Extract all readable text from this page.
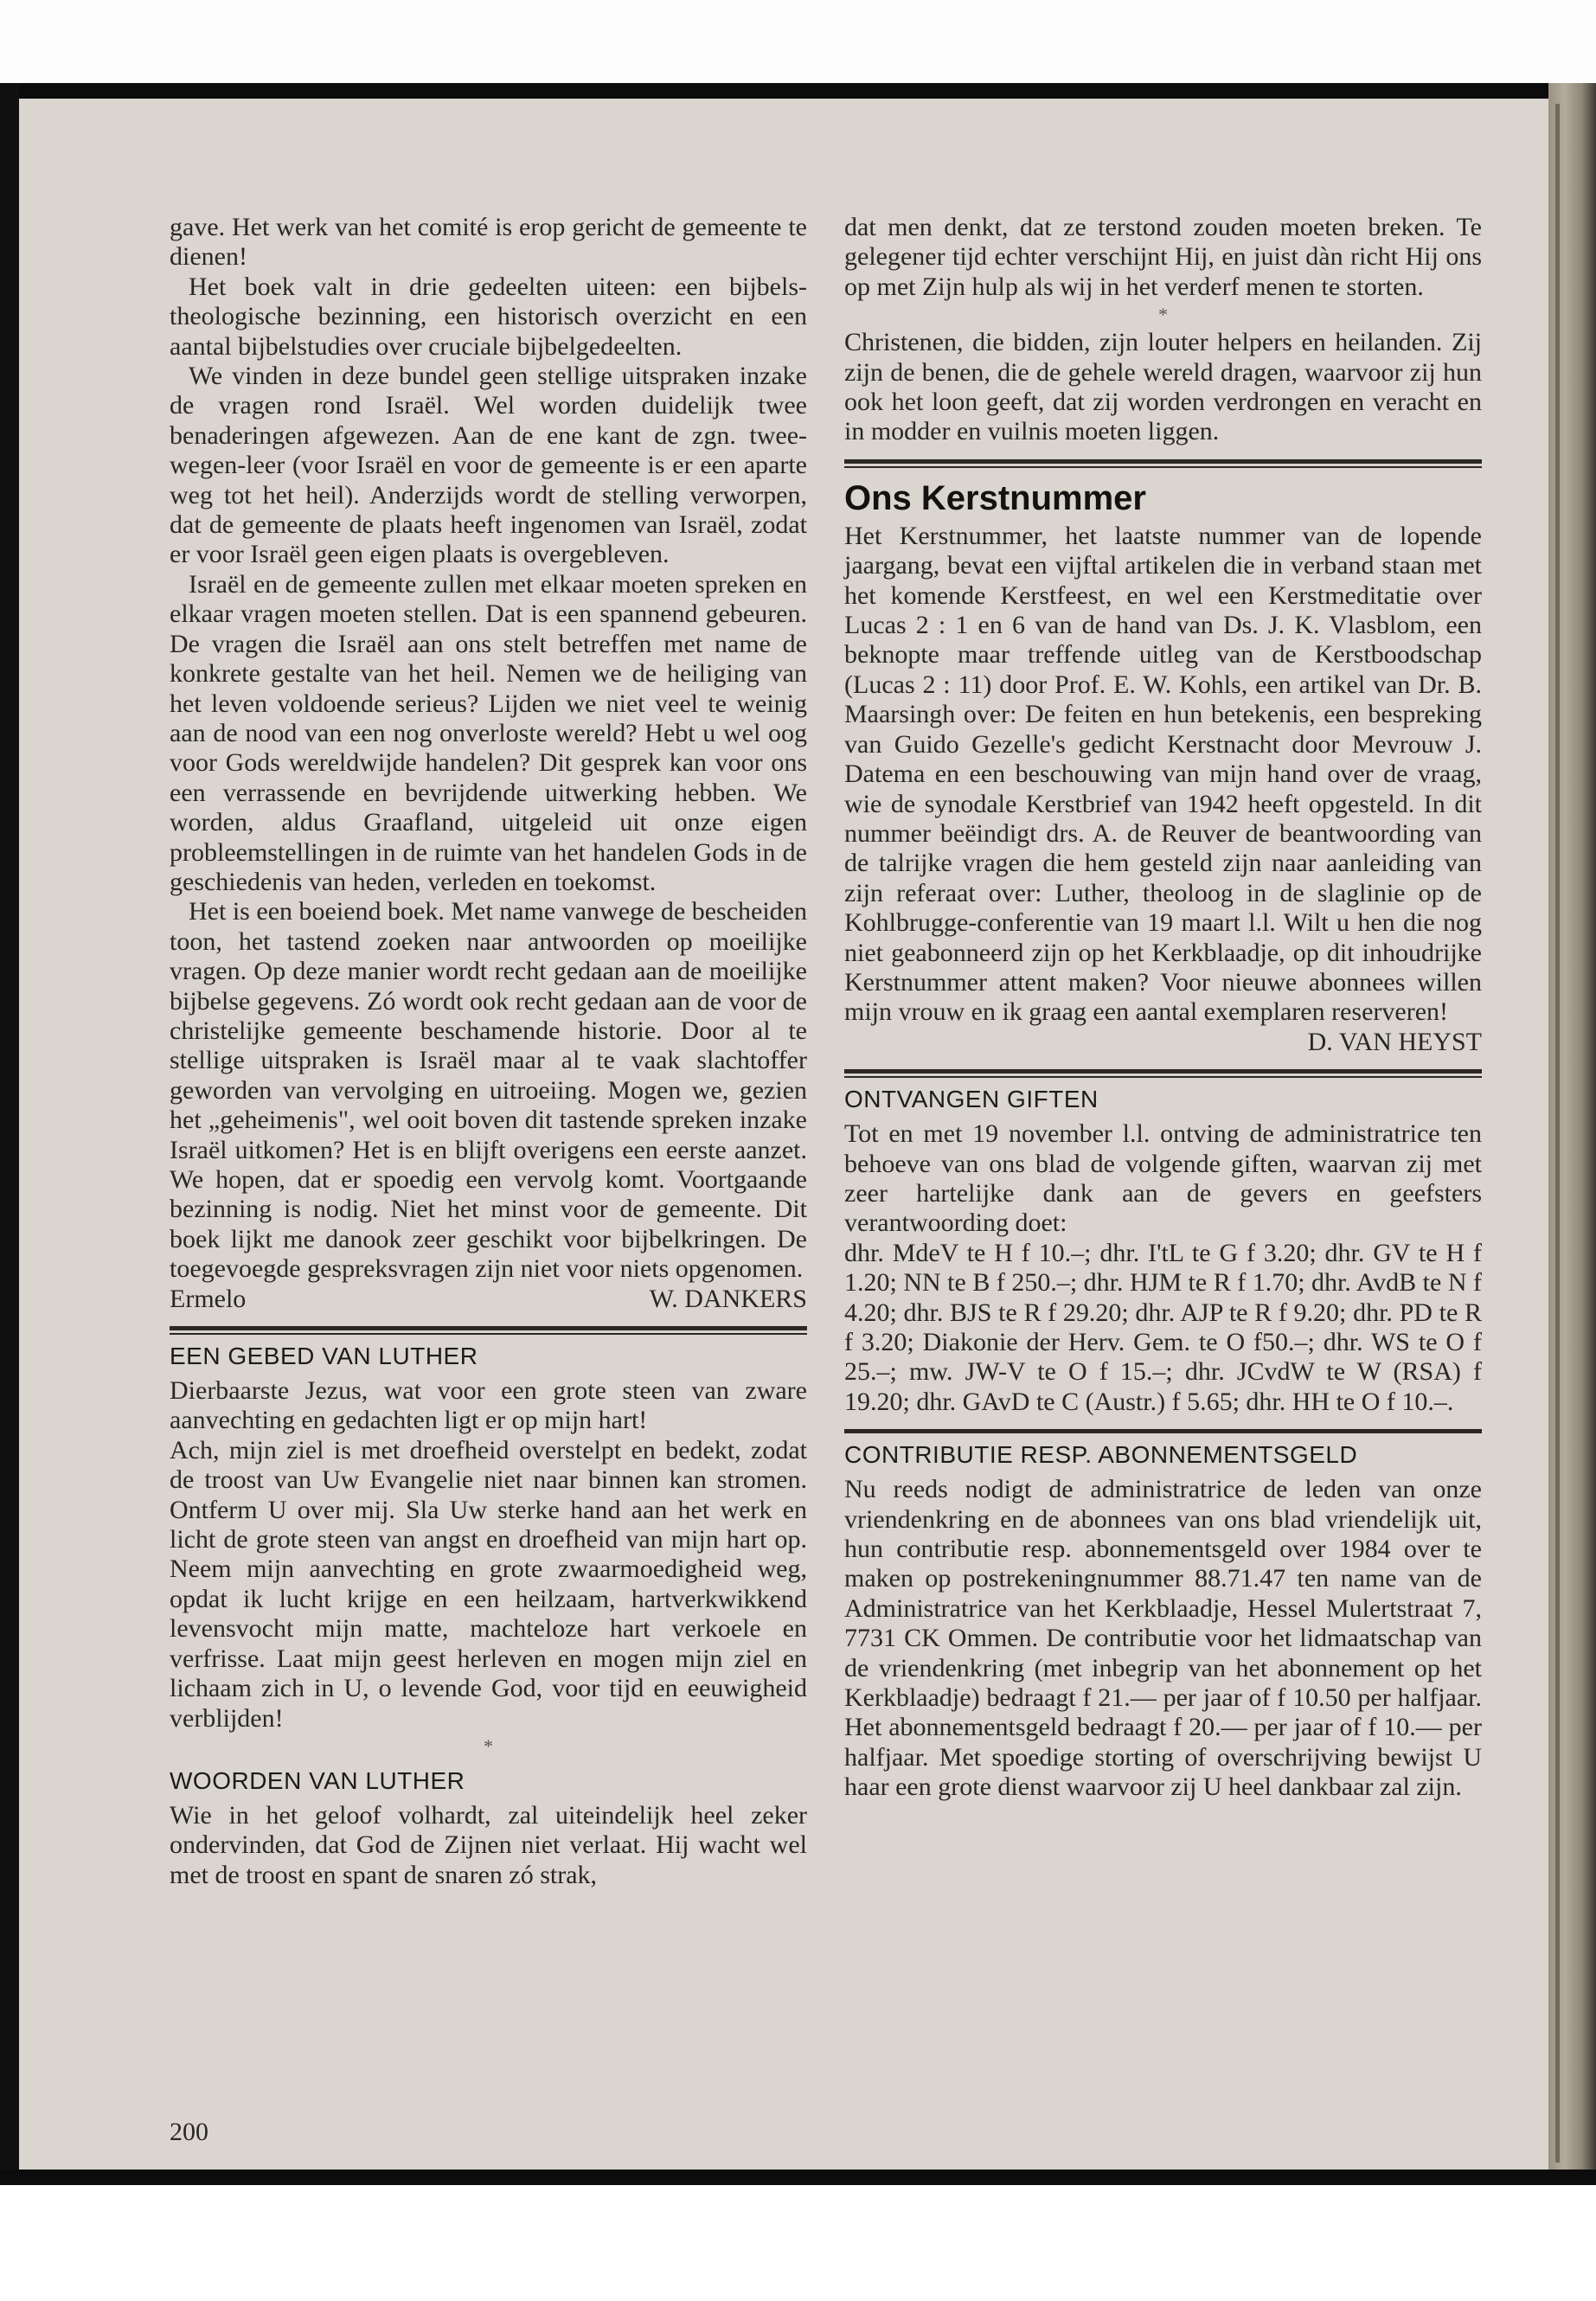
gave. Het werk van het comité is erop gericht de gemeente te dienen!

Het boek valt in drie gedeelten uiteen: een bijbels-theologische bezinning, een historisch overzicht en een aantal bijbelstudies over cruciale bijbelgedeelten.

We vinden in deze bundel geen stellige uitspraken inzake de vragen rond Israël. Wel worden duidelijk twee benaderingen afgewezen. Aan de ene kant de zgn. twee-wegen-leer (voor Israël en voor de gemeente is er een aparte weg tot het heil). Anderzijds wordt de stelling verworpen, dat de gemeente de plaats heeft ingenomen van Israël, zodat er voor Israël geen eigen plaats is overgebleven.

Israël en de gemeente zullen met elkaar moeten spreken en elkaar vragen moeten stellen. Dat is een spannend gebeuren. De vragen die Israël aan ons stelt betreffen met name de konkrete gestalte van het heil. Nemen we de heiliging van het leven voldoende serieus? Lijden we niet veel te weinig aan de nood van een nog onverloste wereld? Hebt u wel oog voor Gods wereldwijde handelen? Dit gesprek kan voor ons een verrassende en bevrijdende uitwerking hebben. We worden, aldus Graafland, uitgeleid uit onze eigen probleemstellingen in de ruimte van het handelen Gods in de geschiedenis van heden, verleden en toekomst.

Het is een boeiend boek. Met name vanwege de bescheiden toon, het tastend zoeken naar antwoorden op moeilijke vragen. Op deze manier wordt recht gedaan aan de moeilijke bijbelse gegevens. Zó wordt ook recht gedaan aan de voor de christelijke gemeente beschamende historie. Door al te stellige uitspraken is Israël maar al te vaak slachtoffer geworden van vervolging en uitroeiing. Mogen we, gezien het „geheimenis", wel ooit boven dit tastende spreken inzake Israël uitkomen? Het is en blijft overigens een eerste aanzet. We hopen, dat er spoedig een vervolg komt. Voortgaande bezinning is nodig. Niet het minst voor de gemeente. Dit boek lijkt me danook zeer geschikt voor bijbelkringen. De toegevoegde gespreksvragen zijn niet voor niets opgenomen.

Ermelo	W. DANKERS
EEN GEBED VAN LUTHER

Dierbaarste Jezus, wat voor een grote steen van zware aanvechting en gedachten ligt er op mijn hart!

Ach, mijn ziel is met droefheid overstelpt en bedekt, zodat de troost van Uw Evangelie niet naar binnen kan stromen. Ontferm U over mij. Sla Uw sterke hand aan het werk en licht de grote steen van angst en droefheid van mijn hart op. Neem mijn aanvechting en grote zwaarmoedigheid weg, opdat ik lucht krijge en een heilzaam, hartverkwikkend levensvocht mijn matte, machteloze hart verkoele en verfrisse. Laat mijn geest herleven en mogen mijn ziel en lichaam zich in U, o levende God, voor tijd en eeuwigheid verblijden!

*
WOORDEN VAN LUTHER

Wie in het geloof volhardt, zal uiteindelijk heel zeker ondervinden, dat God de Zijnen niet verlaat. Hij wacht wel met de troost en spant de snaren zó strak,

200

dat men denkt, dat ze terstond zouden moeten breken. Te gelegener tijd echter verschijnt Hij, en juist dàn richt Hij ons op met Zijn hulp als wij in het verderf menen te storten.

*

Christenen, die bidden, zijn louter helpers en heilanden. Zij zijn de benen, die de gehele wereld dragen, waarvoor zij hun ook het loon geeft, dat zij worden verdrongen en veracht en in modder en vuilnis moeten liggen.

Ons Kerstnummer

Het Kerstnummer, het laatste nummer van de lopende jaargang, bevat een vijftal artikelen die in verband staan met het komende Kerstfeest, en wel een Kerstmeditatie over Lucas 2 : 1 en 6 van de hand van Ds. J. K. Vlasblom, een beknopte maar treffende uitleg van de Kerstboodschap (Lucas 2 : 11) door Prof. E. W. Kohls, een artikel van Dr. B. Maarsingh over: De feiten en hun betekenis, een bespreking van Guido Gezelle's gedicht Kerstnacht door Mevrouw J. Datema en een beschouwing van mijn hand over de vraag, wie de synodale Kerstbrief van 1942 heeft opgesteld. In dit nummer beëindigt drs. A. de Reuver de beantwoording van de talrijke vragen die hem gesteld zijn naar aanleiding van zijn referaat over: Luther, theoloog in de slaglinie op de Kohlbrugge-conferentie van 19 maart l.l. Wilt u hen die nog niet geabonneerd zijn op het Kerkblaadje, op dit inhoudrijke Kerstnummer attent maken? Voor nieuwe abonnees willen mijn vrouw en ik graag een aantal exemplaren reserveren!

D. VAN HEYST
ONTVANGEN GIFTEN

Tot en met 19 november l.l. ontving de administratrice ten behoeve van ons blad de volgende giften, waarvan zij met zeer hartelijke dank aan de gevers en geefsters verantwoording doet:

dhr. MdeV te H f 10.–; dhr. I'tL te G f 3.20; dhr. GV te H f 1.20; NN te B f 250.–; dhr. HJM te R f 1.70; dhr. AvdB te N f 4.20; dhr. BJS te R f 29.20; dhr. AJP te R f 9.20; dhr. PD te R f 3.20; Diakonie der Herv. Gem. te O f50.–; dhr. WS te O f 25.–; mw. JW-V te O f 15.–; dhr. JCvdW te W (RSA) f 19.20; dhr. GAvD te C (Austr.) f 5.65; dhr. HH te O f 10.–.

CONTRIBUTIE RESP. ABONNEMENTSGELD

Nu reeds nodigt de administratrice de leden van onze vriendenkring en de abonnees van ons blad vriendelijk uit, hun contributie resp. abonnementsgeld over 1984 over te maken op postrekeningnummer 88.71.47 ten name van de Administratrice van het Kerkblaadje, Hessel Mulertstraat 7, 7731 CK Ommen. De contributie voor het lidmaatschap van de vriendenkring (met inbegrip van het abonnement op het Kerkblaadje) bedraagt f 21.— per jaar of f 10.50 per halfjaar. Het abonnementsgeld bedraagt f 20.— per jaar of f 10.— per halfjaar. Met spoedige storting of overschrijving bewijst U haar een grote dienst waarvoor zij U heel dankbaar zal zijn.
